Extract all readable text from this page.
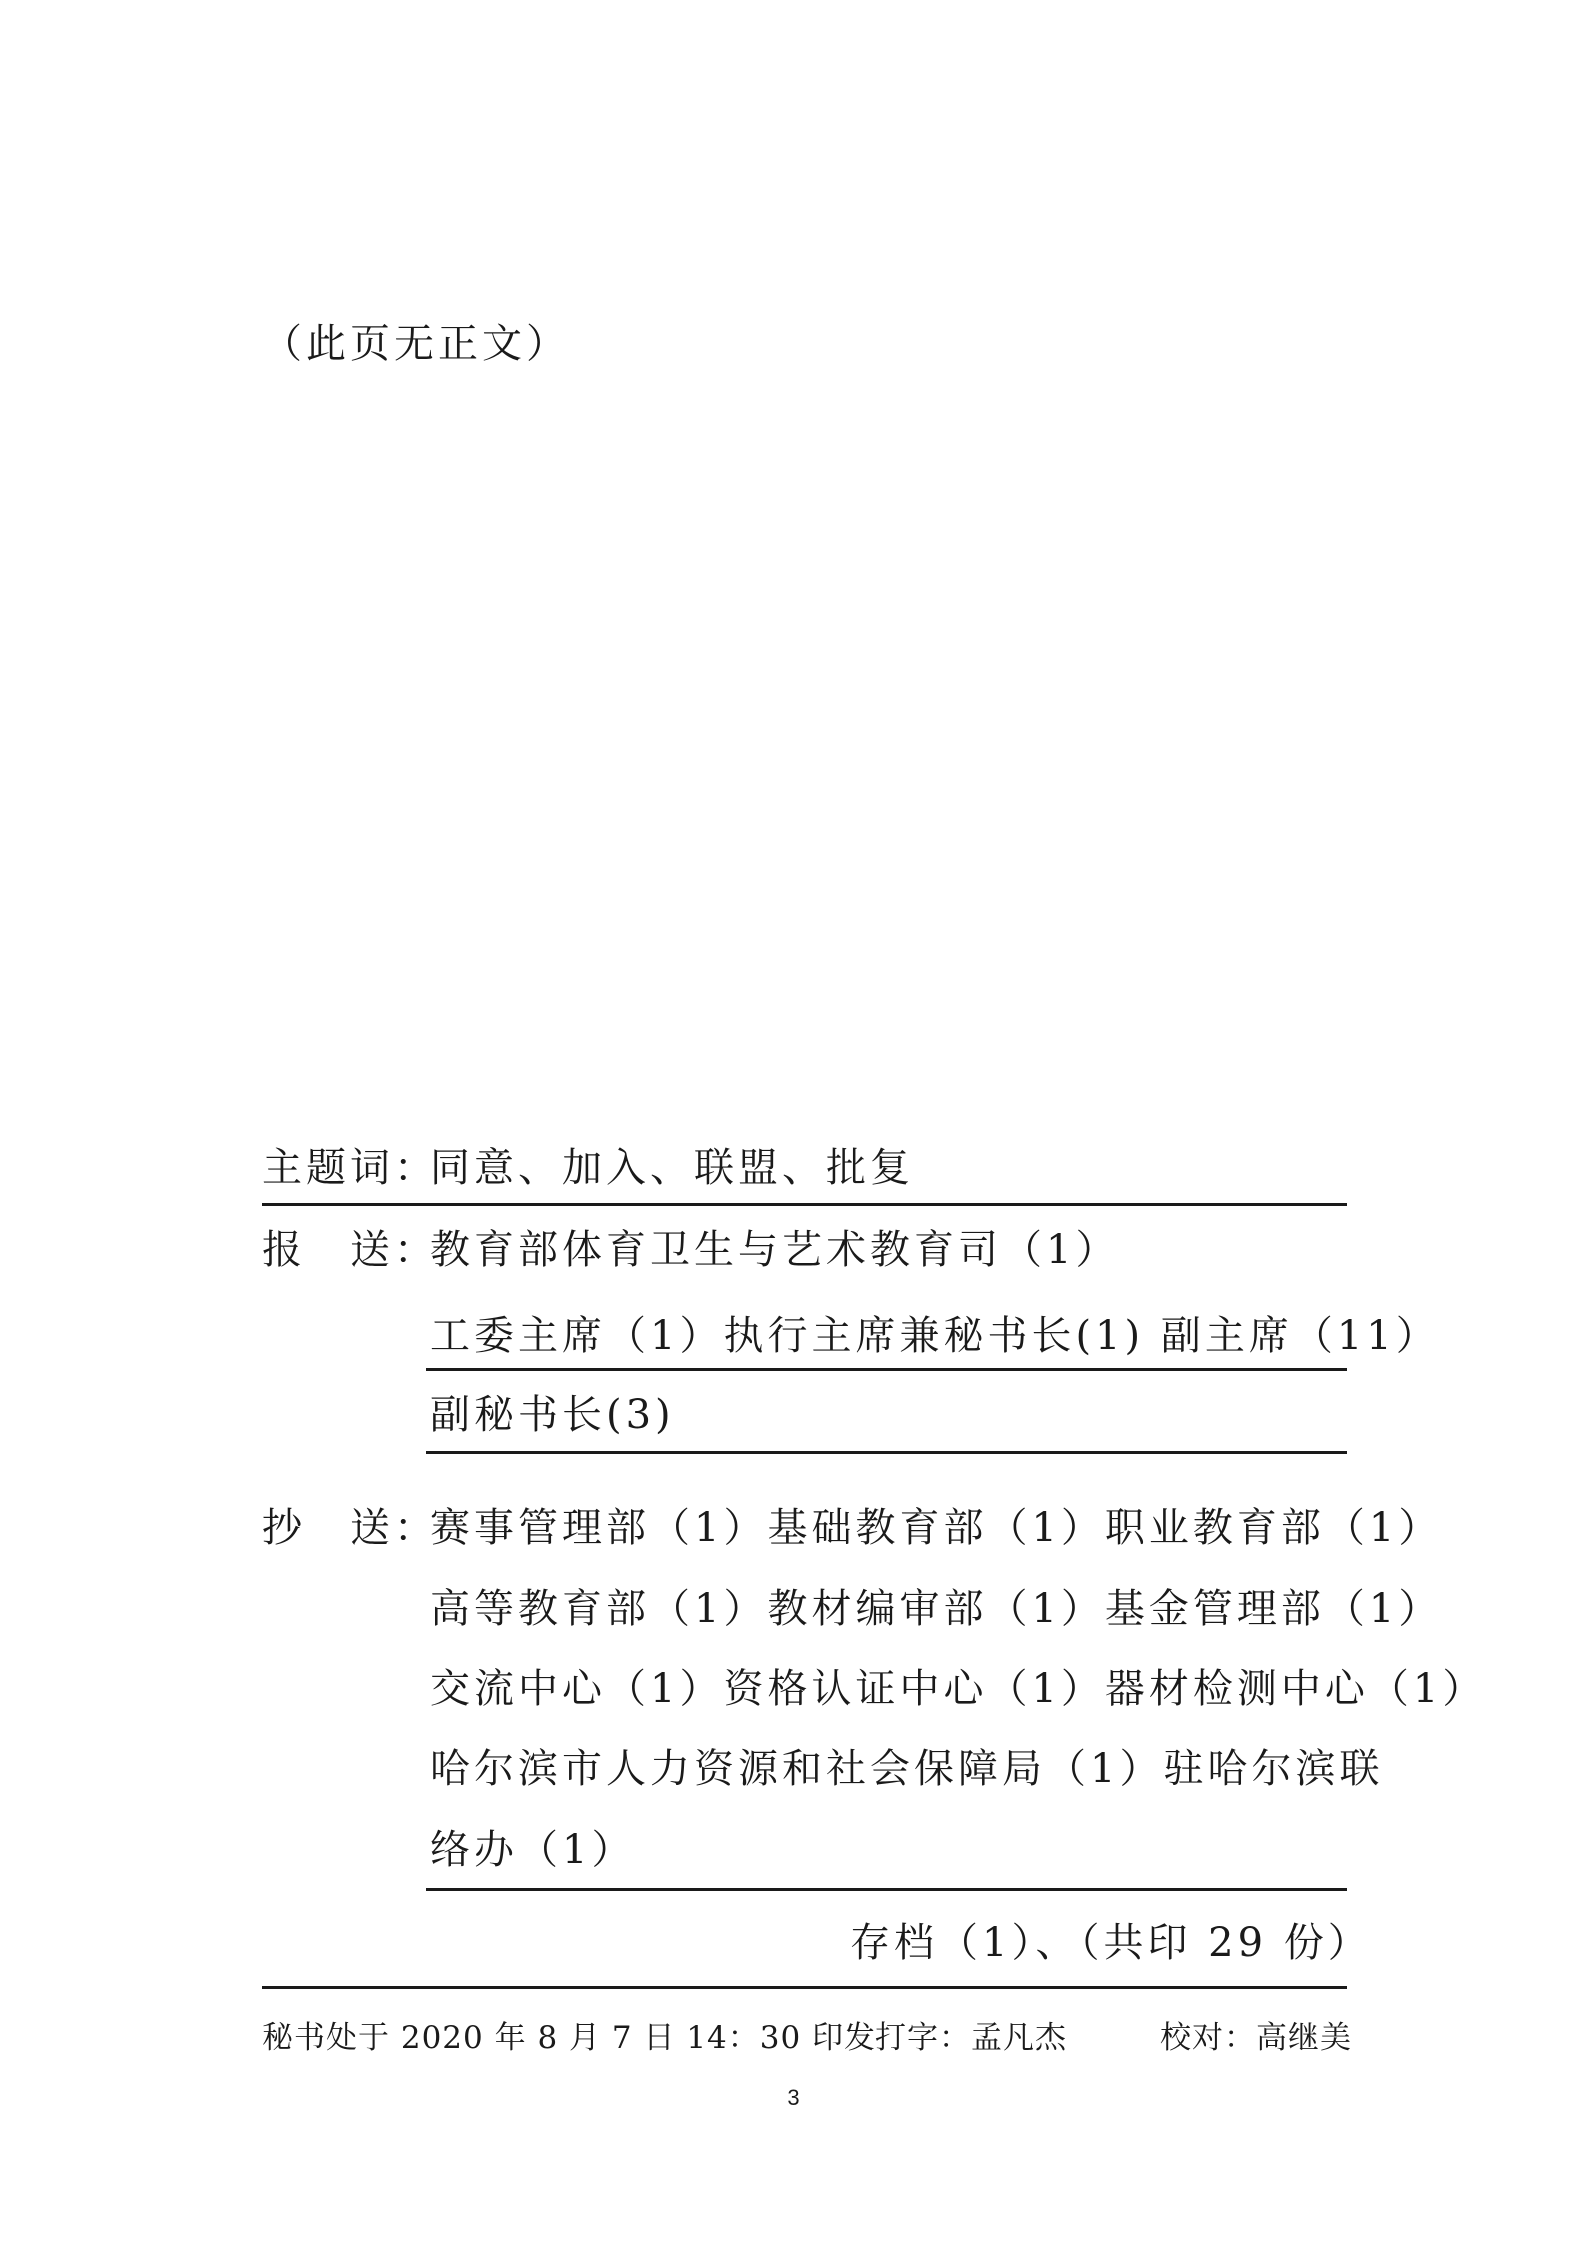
（此页无正文）
主题词：
同意、加入、联盟、批复
报　送：
教育部体育卫生与艺术教育司（1）
工委主席（1）执行主席兼秘书长(1) 副主席（11）
副秘书长(3)
抄　送：
赛事管理部（1）基础教育部（1）职业教育部（1）
高等教育部（1）教材编审部（1）基金管理部（1）
交流中心（1）资格认证中心（1）器材检测中心（1）
哈尔滨市人力资源和社会保障局（1）驻哈尔滨联
络办（1）
存档（1）、（共印 29 份）
秘书处于 2020 年 8 月 7 日 14：30 印发
打字：孟凡杰	校对：高继美
3
